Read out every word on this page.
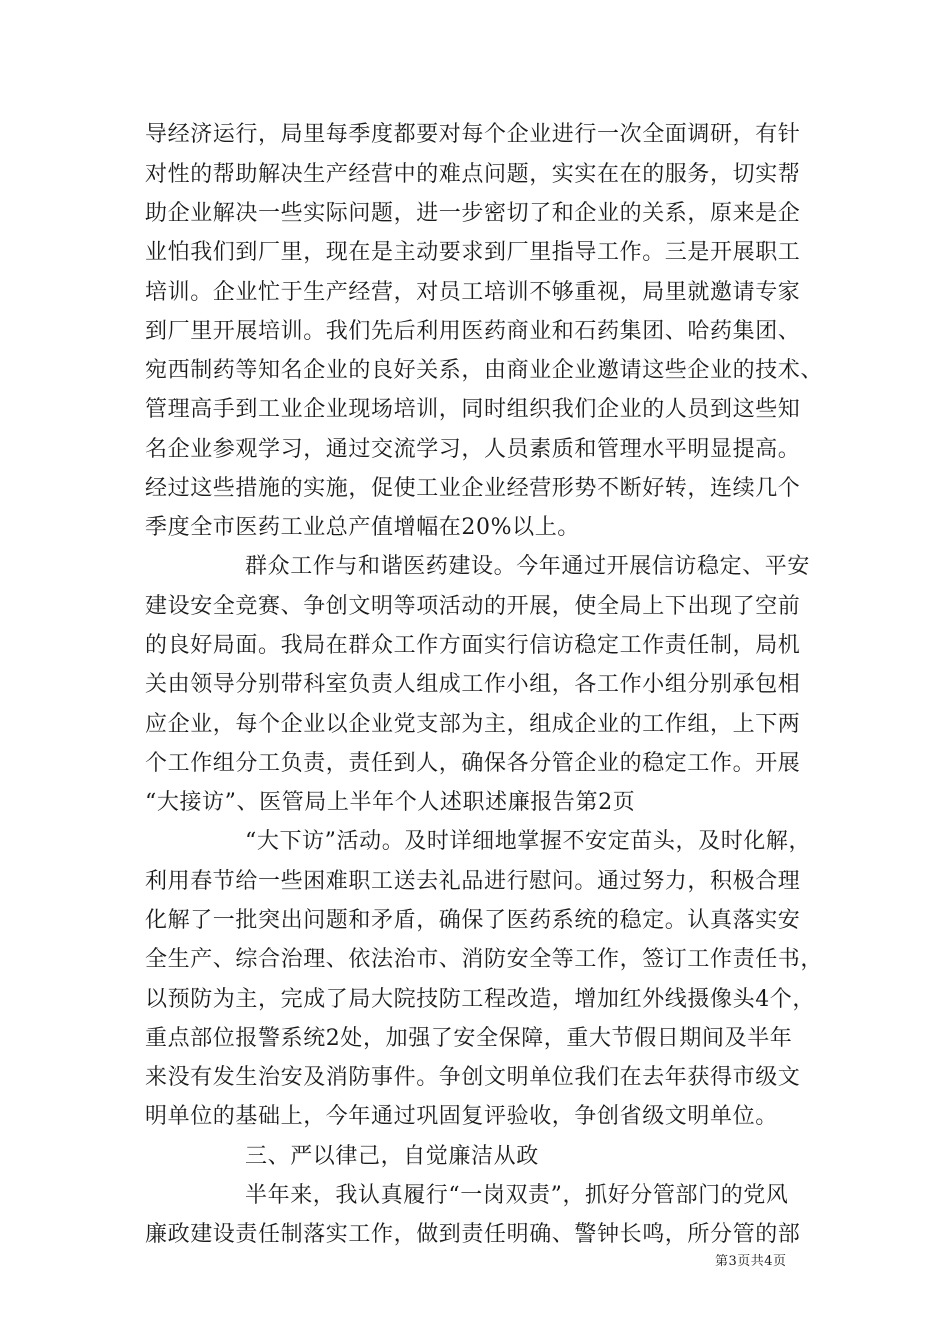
导经济运行，局里每季度都要对每个企业进行一次全面调研，有针
对性的帮助解决生产经营中的难点问题，实实在在的服务，切实帮
助企业解决一些实际问题，进一步密切了和企业的关系，原来是企
业怕我们到厂里，现在是主动要求到厂里指导工作。三是开展职工
培训。企业忙于生产经营，对员工培训不够重视，局里就邀请专家
到厂里开展培训。我们先后利用医药商业和石药集团、哈药集团、
宛西制药等知名企业的良好关系，由商业企业邀请这些企业的技术、
管理高手到工业企业现场培训，同时组织我们企业的人员到这些知
名企业参观学习，通过交流学习，人员素质和管理水平明显提高。
经过这些措施的实施，促使工业企业经营形势不断好转，连续几个
季度全市医药工业总产值增幅在20%以上。
群众工作与和谐医药建设。今年通过开展信访稳定、平安
建设安全竞赛、争创文明等项活动的开展，使全局上下出现了空前
的良好局面。我局在群众工作方面实行信访稳定工作责任制，局机
关由领导分别带科室负责人组成工作小组，各工作小组分别承包相
应企业，每个企业以企业党支部为主，组成企业的工作组，上下两
个工作组分工负责，责任到人，确保各分管企业的稳定工作。开展
“大接访”、医管局上半年个人述职述廉报告第2页
“大下访”活动。及时详细地掌握不安定苗头，及时化解，
利用春节给一些困难职工送去礼品进行慰问。通过努力，积极合理
化解了一批突出问题和矛盾，确保了医药系统的稳定。认真落实安
全生产、综合治理、依法治市、消防安全等工作，签订工作责任书，
以预防为主，完成了局大院技防工程改造，增加红外线摄像头4个，
重点部位报警系统2处，加强了安全保障，重大节假日期间及半年
来没有发生治安及消防事件。争创文明单位我们在去年获得市级文
明单位的基础上，今年通过巩固复评验收，争创省级文明单位。
三、严以律己，自觉廉洁从政
半年来，我认真履行“一岗双责”，抓好分管部门的党风
廉政建设责任制落实工作，做到责任明确、警钟长鸣，所分管的部
第3页共4页
